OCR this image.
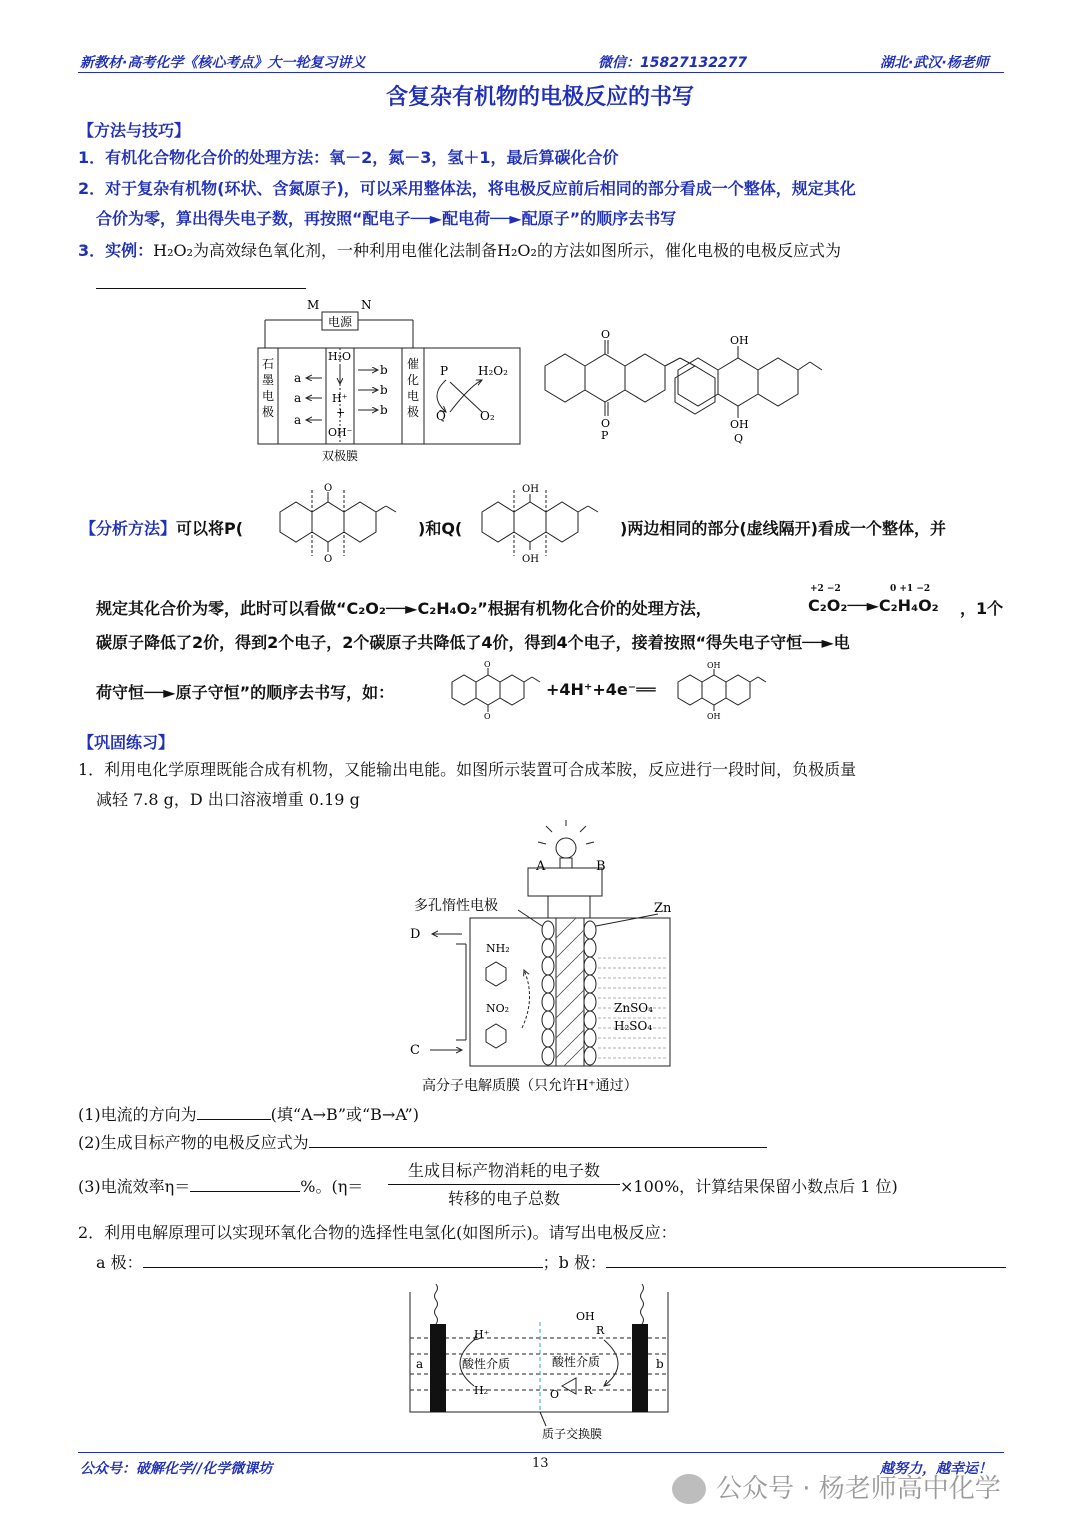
新教材·高考化学《核心考点》大一轮复习讲义	微信：15827132277	湖北·武汉·杨老师
含复杂有机物的电极反应的书写
【方法与技巧】
1．有机化合物化合价的处理方法：氧－2，氮－3，氢＋1，最后算碳化合价
2．对于复杂有机物(环状、含氮原子)，可以采用整体法，将电极反应前后相同的部分看成一个整体，规定其化
合价为零，算出得失电子数，再按照“配电子──►配电荷──►配原子”的顺序去书写
3．实例：H₂O₂为高效绿色氧化剂，一种利用电催化法制备H₂O₂的方法如图所示，催化电极的电极反应式为
电源
M	N
石
墨
电
极
催
化
电
极
a
a
a
H₂O
H⁺
+
OH⁻
b
b
b
P
Q
H₂O₂
O₂
双极膜
O
O
P
OH
OH
Q
【分析方法】可以将P(
O
O
)和Q(
OH
OH
)两边相同的部分(虚线隔开)看成一个整体，并
规定其化合价为零，此时可以看做“C₂O₂──►C₂H₄O₂”根据有机物化合价的处理方法，
+2 −2	0 +1 −2
C₂O₂──►C₂H₄O₂ ，1个
碳原子降低了2价，得到2个电子，2个碳原子共降低了4价，得到4个电子，接着按照“得失电子守恒──►电
荷守恒──►原子守恒”的顺序去书写，如：
O
O
+4H⁺+4e⁻══
OH
OH
【巩固练习】
1．利用电化学原理既能合成有机物，又能输出电能。如图所示装置可合成苯胺，反应进行一段时间，负极质量
减轻 7.8 g，D 出口溶液增重 0.19 g
A	B
多孔惰性电极	Zn
D
C
NH₂
NO₂	ZnSO₄
H₂SO₄
高分子电解质膜（只允许H⁺通过）
(1)电流的方向为	(填“A→B”或“B→A”)
(2)生成目标产物的电极反应式为
(3)电流效率η＝	%。(η＝
生成目标产物消耗的电子数
转移的电子总数
×100%，计算结果保留小数点后 1 位)
2．利用电解原理可以实现环氧化合物的选择性电氢化(如图所示)。请写出电极反应：
a 极：	；b 极：
a	b
H⁺
H₂
酸性介质	酸性介质
OH
R
R
O
质子交换膜
公众号：破解化学//化学微课坊	13	越努力，越幸运！
公众号 · 杨老师高中化学
